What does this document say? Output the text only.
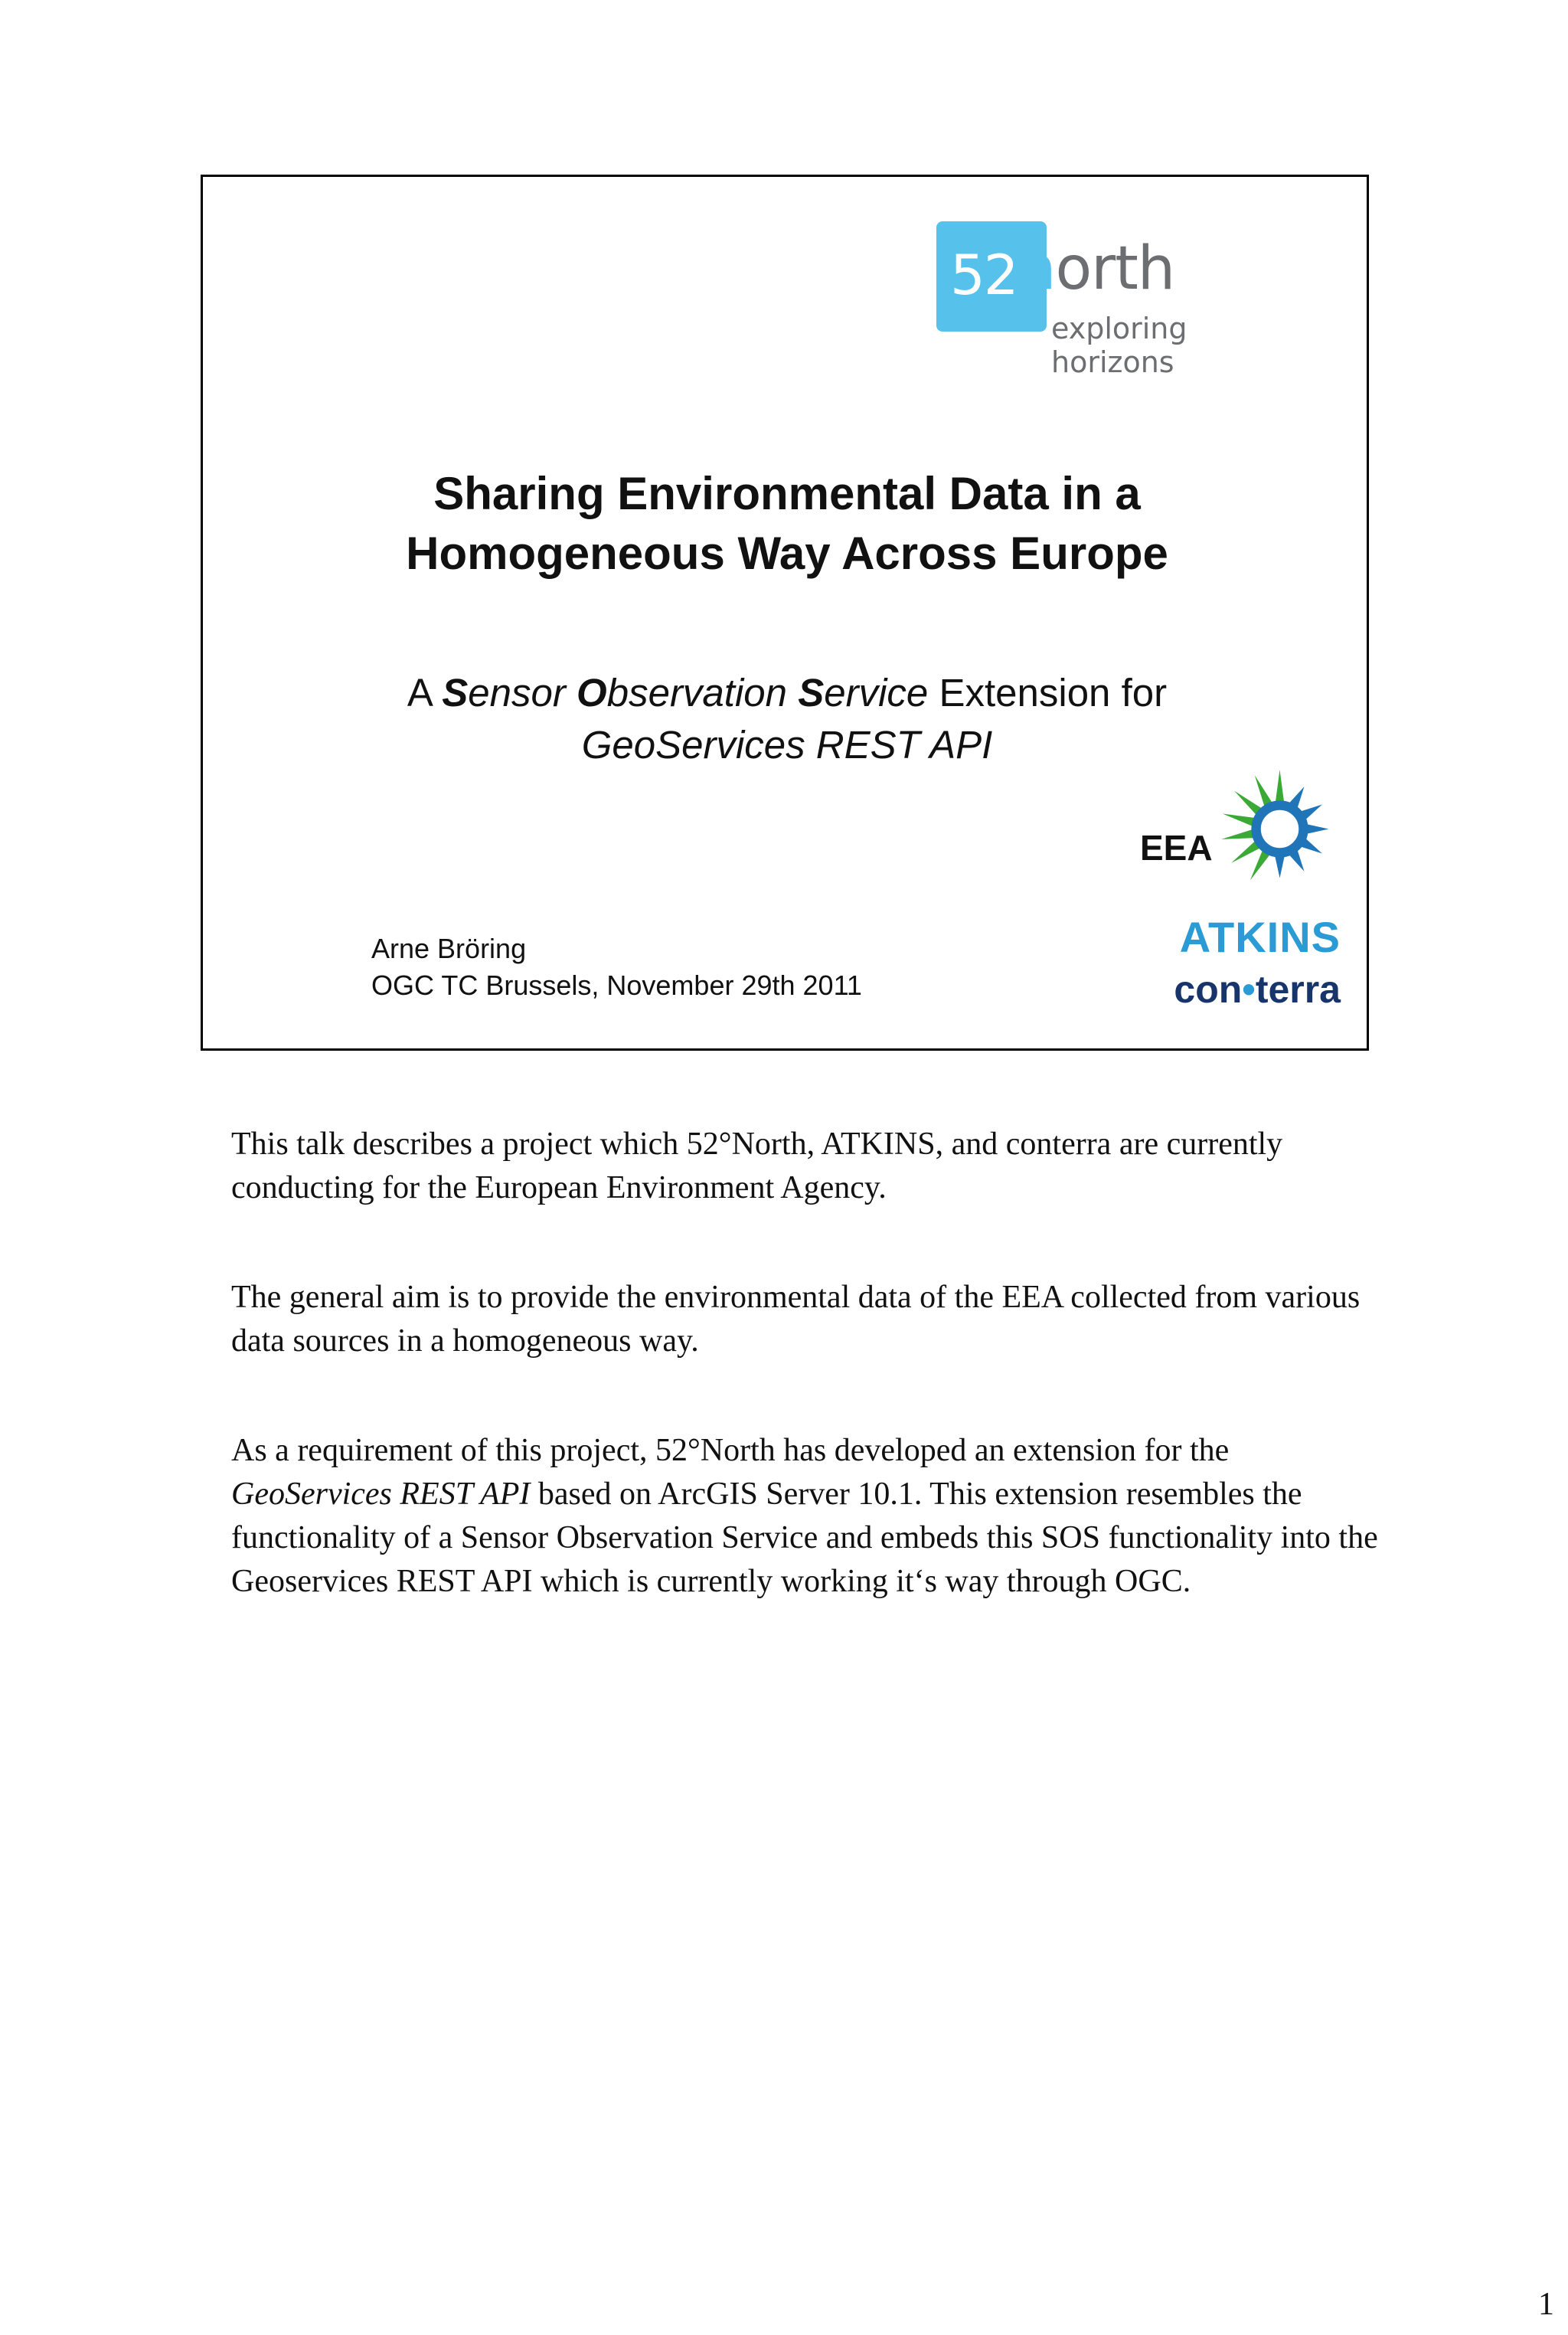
52 north
exploring horizons
Sharing Environmental Data in a
Homogeneous Way Across Europe
A Sensor Observation Service Extension for
GeoServices REST API
EEA
Arne Bröring
OGC TC Brussels, November 29th 2011
ATKINS
con•terra

This talk describes a project which 52°North, ATKINS, and conterra are currently conducting for the European Environment Agency.

The general aim is to provide the environmental data of the EEA collected from various data sources in a homogeneous way.

As a requirement of this project, 52°North has developed an extension for the GeoServices REST API based on ArcGIS Server 10.1. This extension resembles the functionality of a Sensor Observation Service and embeds this SOS functionality into the Geoservices REST API which is currently working it‘s way through OGC.

1
